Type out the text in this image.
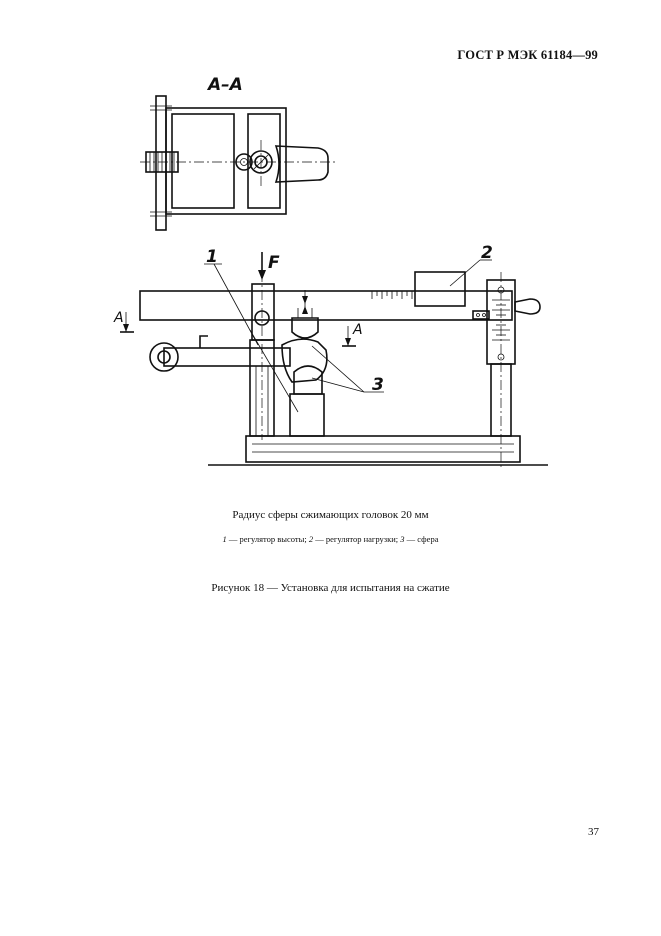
ГОСТ Р МЭК 61184—99
А–А
2
F
1
3
А
А
Радиус сферы сжимающих головок 20 мм
1 — регулятор высоты; 2 — регулятор нагрузки; 3 — сфера
Рисунок 18 — Установка для испытания на сжатие
37
